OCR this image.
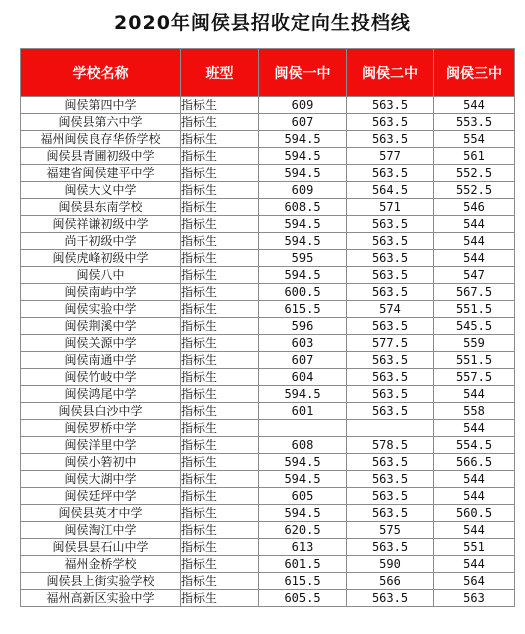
2020年闽侯县招收定向生投档线
学校名称	班型	闽侯一中	闽侯二中	闽侯三中
闽侯第四中学	指标生	609	563.5	544
闽侯县第六中学	指标生	607	563.5	553.5
福州闽侯良存华侨学校	指标生	594.5	563.5	554
闽侯县青圃初级中学	指标生	594.5	577	561
福建省闽侯建平中学	指标生	594.5	563.5	552.5
闽侯大义中学	指标生	609	564.5	552.5
闽侯县东南学校	指标生	608.5	571	546
闽侯祥谦初级中学	指标生	594.5	563.5	544
尚干初级中学	指标生	594.5	563.5	544
闽侯虎峰初级中学	指标生	595	563.5	544
闽侯八中	指标生	594.5	563.5	547
闽侯南屿中学	指标生	600.5	563.5	567.5
闽侯实验中学	指标生	615.5	574	551.5
闽侯荆溪中学	指标生	596	563.5	545.5
闽侯关源中学	指标生	603	577.5	559
闽侯南通中学	指标生	607	563.5	551.5
闽侯竹岐中学	指标生	604	563.5	557.5
闽侯鸿尾中学	指标生	594.5	563.5	544
闽侯县白沙中学	指标生	601	563.5	558
闽侯罗桥中学	指标生			544
闽侯洋里中学	指标生	608	578.5	554.5
闽侯小箬初中	指标生	594.5	563.5	566.5
闽侯大湖中学	指标生	594.5	563.5	544
闽侯廷坪中学	指标生	605	563.5	544
闽侯县英才中学	指标生	594.5	563.5	560.5
闽侯淘江中学	指标生	620.5	575	544
闽侯县昙石山中学	指标生	613	563.5	551
福州金桥学校	指标生	601.5	590	544
闽侯县上街实验学校	指标生	615.5	566	564
福州高新区实验中学	指标生	605.5	563.5	563
